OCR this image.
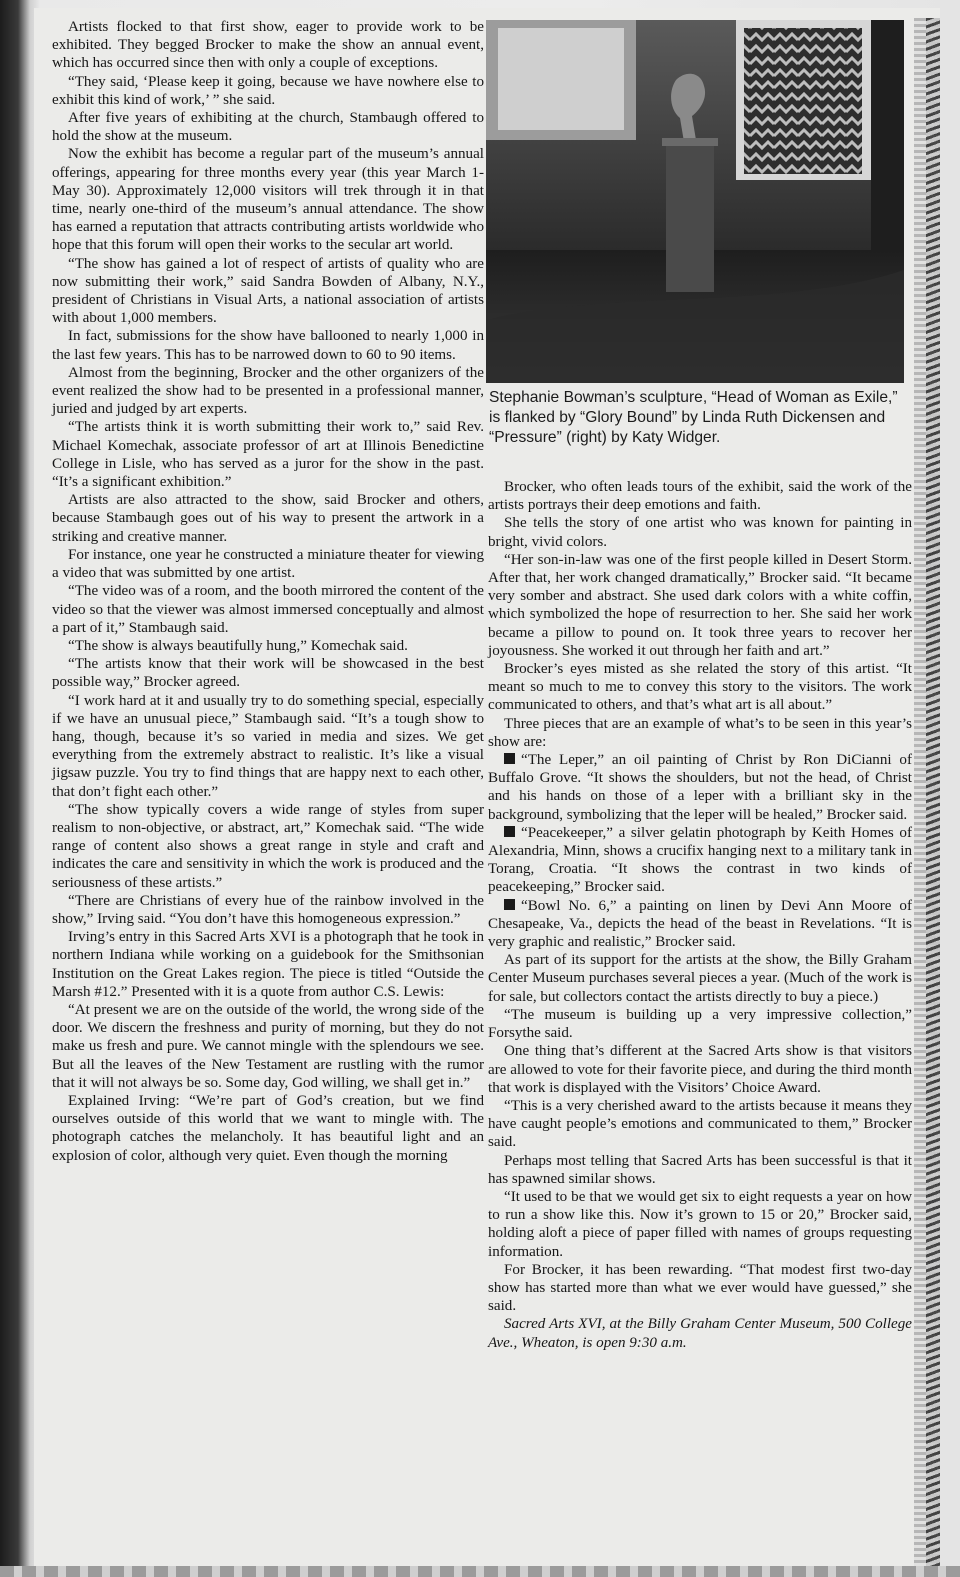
Artists flocked to that first show, eager to provide work to be exhibited. They begged Brocker to make the show an annual event, which has occurred since then with only a couple of exceptions.

“They said, ‘Please keep it going, because we have nowhere else to exhibit this kind of work,’ ” she said.

After five years of exhibiting at the church, Stambaugh offered to hold the show at the museum.

Now the exhibit has become a regular part of the museum’s annual offerings, appearing for three months every year (this year March 1-May 30). Approximately 12,000 visitors will trek through it in that time, nearly one-third of the museum’s annual attendance. The show has earned a reputation that attracts contributing artists worldwide who hope that this forum will open their works to the secular art world.

“The show has gained a lot of respect of artists of quality who are now submitting their work,” said Sandra Bowden of Albany, N.Y., president of Christians in Visual Arts, a national association of artists with about 1,000 members.

In fact, submissions for the show have ballooned to nearly 1,000 in the last few years. This has to be narrowed down to 60 to 90 items.

Almost from the beginning, Brocker and the other organizers of the event realized the show had to be presented in a professional manner, juried and judged by art experts.

“The artists think it is worth submitting their work to,” said Rev. Michael Komechak, associate professor of art at Illinois Benedictine College in Lisle, who has served as a juror for the show in the past. “It’s a significant exhibition.”

Artists are also attracted to the show, said Brocker and others, because Stambaugh goes out of his way to present the artwork in a striking and creative manner.

For instance, one year he constructed a miniature theater for viewing a video that was submitted by one artist.

“The video was of a room, and the booth mirrored the content of the video so that the viewer was almost immersed conceptually and almost a part of it,” Stambaugh said.

“The show is always beautifully hung,” Komechak said.

“The artists know that their work will be showcased in the best possible way,” Brocker agreed.

“I work hard at it and usually try to do something special, especially if we have an unusual piece,” Stambaugh said. “It’s a tough show to hang, though, because it’s so varied in media and sizes. We get everything from the extremely abstract to realistic. It’s like a visual jigsaw puzzle. You try to find things that are happy next to each other, that don’t fight each other.”

“The show typically covers a wide range of styles from super realism to non-objective, or abstract, art,” Komechak said. “The wide range of content also shows a great range in style and craft and indicates the care and sensitivity in which the work is produced and the seriousness of these artists.”

“There are Christians of every hue of the rainbow involved in the show,” Irving said. “You don’t have this homogeneous expression.”

Irving’s entry in this Sacred Arts XVI is a photograph that he took in northern Indiana while working on a guidebook for the Smithsonian Institution on the Great Lakes region. The piece is titled “Outside the Marsh #12.” Presented with it is a quote from author C.S. Lewis:

“At present we are on the outside of the world, the wrong side of the door. We discern the freshness and purity of morning, but they do not make us fresh and pure. We cannot mingle with the splendours we see. But all the leaves of the New Testament are rustling with the rumor that it will not always be so. Some day, God willing, we shall get in.”

Explained Irving: “We’re part of God’s creation, but we find ourselves outside of this world that we want to mingle with. The photograph catches the melancholy. It has beautiful light and an explosion of color, although very quiet. Even though the morning

Stephanie Bowman’s sculpture, “Head of Woman as Exile,” is flanked by “Glory Bound” by Linda Ruth Dickensen and “Pressure” (right) by Katy Widger.

Brocker, who often leads tours of the exhibit, said the work of the artists portrays their deep emotions and faith.

She tells the story of one artist who was known for painting in bright, vivid colors.

“Her son-in-law was one of the first people killed in Desert Storm. After that, her work changed dramatically,” Brocker said. “It became very somber and abstract. She used dark colors with a white coffin, which symbolized the hope of resurrection to her. She said her work became a pillow to pound on. It took three years to recover her joyousness. She worked it out through her faith and art.”

Brocker’s eyes misted as she related the story of this artist. “It meant so much to me to convey this story to the visitors. The work communicated to others, and that’s what art is all about.”

Three pieces that are an example of what’s to be seen in this year’s show are:

“The Leper,” an oil painting of Christ by Ron DiCianni of Buffalo Grove. “It shows the shoulders, but not the head, of Christ and his hands on those of a leper with a brilliant sky in the background, symbolizing that the leper will be healed,” Brocker said.

“Peacekeeper,” a silver gelatin photograph by Keith Homes of Alexandria, Minn, shows a crucifix hanging next to a military tank in Torang, Croatia. “It shows the contrast in two kinds of peacekeeping,” Brocker said.

“Bowl No. 6,” a painting on linen by Devi Ann Moore of Chesapeake, Va., depicts the head of the beast in Revelations. “It is very graphic and realistic,” Brocker said.

As part of its support for the artists at the show, the Billy Graham Center Museum purchases several pieces a year. (Much of the work is for sale, but collectors contact the artists directly to buy a piece.)

“The museum is building up a very impressive collection,” Forsythe said.

One thing that’s different at the Sacred Arts show is that visitors are allowed to vote for their favorite piece, and during the third month that work is displayed with the Visitors’ Choice Award.

“This is a very cherished award to the artists because it means they have caught people’s emotions and communicated to them,” Brocker said.

Perhaps most telling that Sacred Arts has been successful is that it has spawned similar shows.

“It used to be that we would get six to eight requests a year on how to run a show like this. Now it’s grown to 15 or 20,” Brocker said, holding aloft a piece of paper filled with names of groups requesting information.

For Brocker, it has been rewarding. “That modest first two-day show has started more than what we ever would have guessed,” she said.

Sacred Arts XVI, at the Billy Graham Center Museum, 500 College Ave., Wheaton, is open 9:30 a.m.
